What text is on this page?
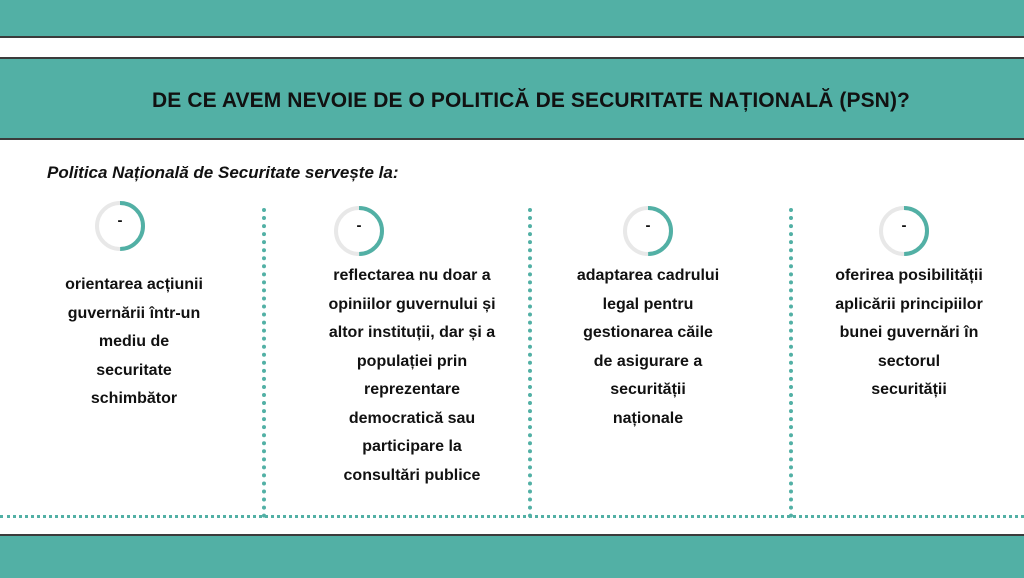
DE CE AVEM NEVOIE DE O POLITICĂ DE SECURITATE NAȚIONALĂ (PSN)?

Politica Națională de Securitate servește la:

-

orientarea acțiunii
guvernării într-un
mediu de
securitate
schimbător

-

reflectarea nu doar a
opiniilor guvernului și
altor instituții, dar și a
populației prin
reprezentare
democratică sau
participare la
consultări publice

-

adaptarea cadrului
legal pentru
gestionarea căile
de asigurare a
securității
naționale

-

oferirea posibilității
aplicării principiilor
bunei guvernări în
sectorul
securității
